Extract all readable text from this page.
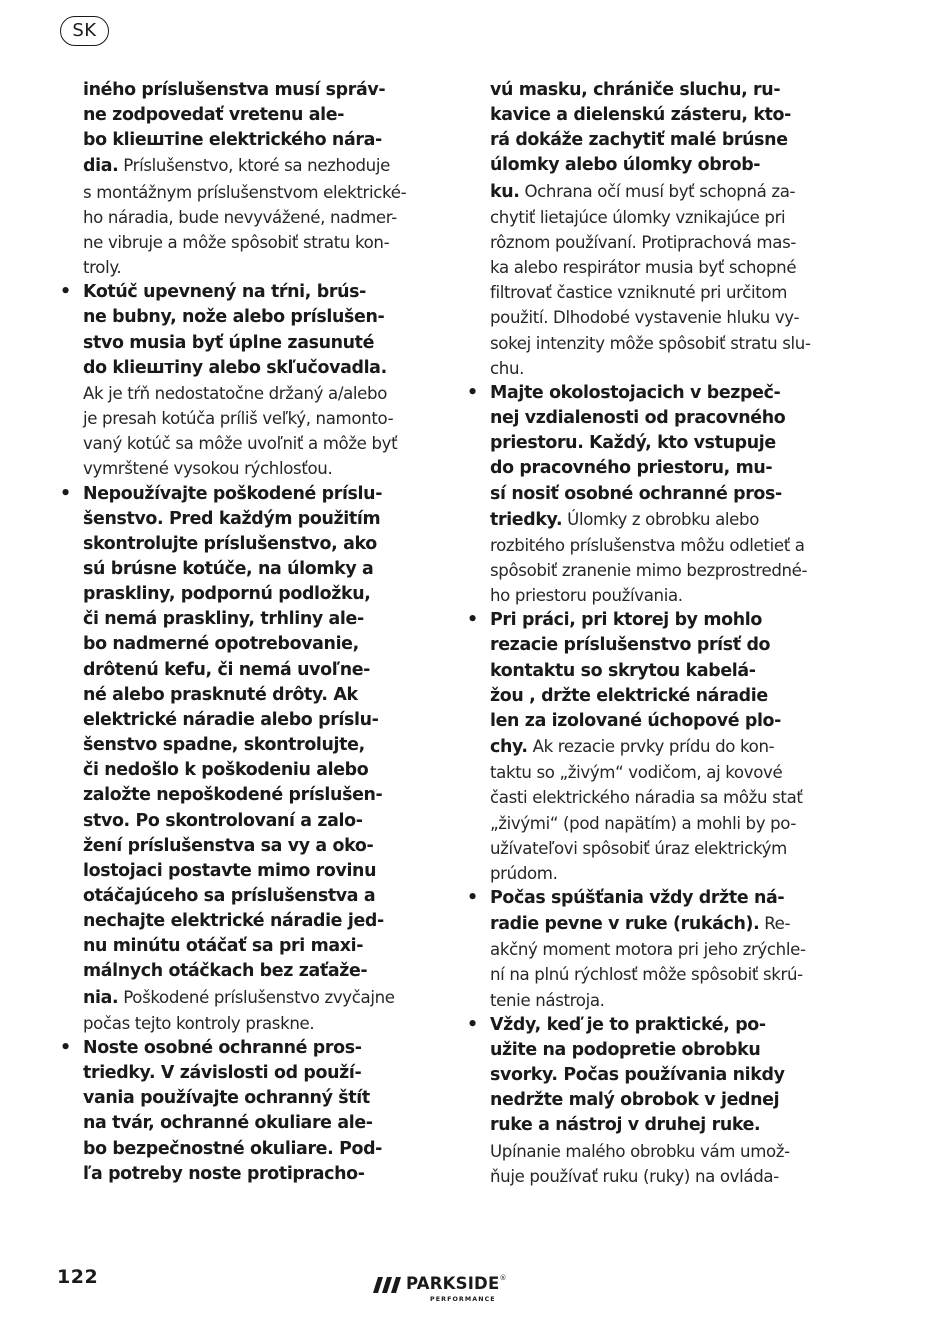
SK
iného príslušenstva musí správ-
ne zodpovedať vretenu ale-
bo kliештine elektrického nára-
dia. Príslušenstvo, ktoré sa nezhoduje
s montážnym príslušenstvom elektrické-
ho náradia, bude nevyvážené, nadmer-
ne vibruje a môže spôsobiť stratu kon-
troly.
• Kotúč upevnený na tŕni, brús-
ne bubny, nože alebo príslušen-
stvo musia byť úplne zasunuté
do kliештiny alebo skľučovadla.
Ak je tŕň nedostatočne držaný a/alebo
je presah kotúča príliš veľký, namonto-
vaný kotúč sa môže uvoľniť a môže byť
vymrštené vysokou rýchlosťou.
• Nepoužívajte poškodené príslu-
šenstvo. Pred každým použitím
skontrolujte príslušenstvo, ako
sú brúsne kotúče, na úlomky a
praskliny, podpornú podložku,
či nemá praskliny, trhliny ale-
bo nadmerné opotrebovanie,
drôtenú kefu, či nemá uvoľne-
né alebo prasknuté drôty. Ak
elektrické náradie alebo príslu-
šenstvo spadne, skontrolujte,
či nedošlo k poškodeniu alebo
založte nepoškodené príslušen-
stvo. Po skontrolovaní a zalo-
žení príslušenstva sa vy a oko-
lostojaci postavte mimo rovinu
otáčajúceho sa príslušenstva a
nechajte elektrické náradie jed-
nu minútu otáčať sa pri maxi-
málnych otáčkach bez zaťaže-
nia. Poškodené príslušenstvo zvyčajne
počas tejto kontroly praskne.
• Noste osobné ochranné pros-
triedky. V závislosti od použí-
vania používajte ochranný štít
na tvár, ochranné okuliare ale-
bo bezpečnostné okuliare. Pod-
ľa potreby noste protipracho-
vú masku, chrániče sluchu, ru-
kavice a dielenskú zásteru, kto-
rá dokáže zachytiť malé brúsne
úlomky alebo úlomky obrob-
ku. Ochrana očí musí byť schopná za-
chytiť lietajúce úlomky vznikajúce pri
rôznom používaní. Protiprachová mas-
ka alebo respirátor musia byť schopné
filtrovať častice vzniknuté pri určitom
použití. Dlhodobé vystavenie hluku vy-
sokej intenzity môže spôsobiť stratu slu-
chu.
• Majte okolostojacich v bezpeč-
nej vzdialenosti od pracovného
priestoru. Každý, kto vstupuje
do pracovného priestoru, mu-
sí nosiť osobné ochranné pros-
triedky. Úlomky z obrobku alebo
rozbitého príslušenstva môžu odletieť a
spôsobiť zranenie mimo bezprostredné-
ho priestoru používania.
• Pri práci, pri ktorej by mohlo
rezacie príslušenstvo prísť do
kontaktu so skrytou kabelá-
žou , držte elektrické náradie
len za izolované úchopové plo-
chy. Ak rezacie prvky prídu do kon-
taktu so „živým“ vodičom, aj kovové
časti elektrického náradia sa môžu stať
„živými“ (pod napätím) a mohli by po-
užívateľovi spôsobiť úraz elektrickým
prúdom.
• Počas spúšťania vždy držte ná-
radie pevne v ruke (rukách). Re-
akčný moment motora pri jeho zrýchle-
ní na plnú rýchlosť môže spôsobiť skrú-
tenie nástroja.
• Vždy, keď je to praktické, po-
užite na podopretie obrobku
svorky. Počas používania nikdy
nedržte malý obrobok v jednej
ruke a nástroj v druhej ruke.
Upínanie malého obrobku vám umož-
ňuje používať ruku (ruky) na ovláda-
122	PARKSIDE®
PERFORMANCE
